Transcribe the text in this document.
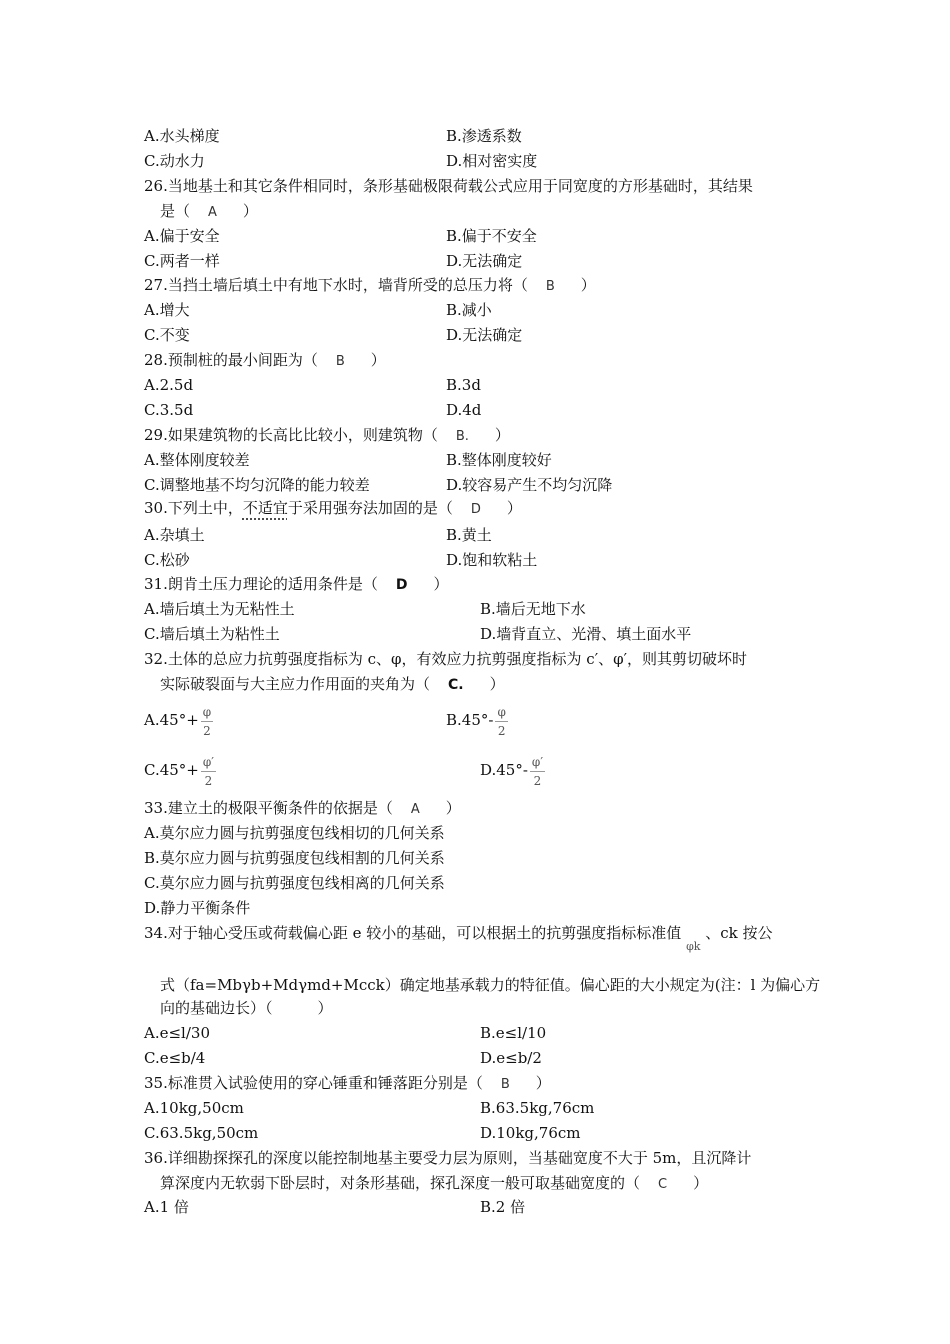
A.水头梯度	B.渗透系数
C.动水力	D.相对密实度
26.当地基土和其它条件相同时，条形基础极限荷载公式应用于同宽度的方形基础时，其结果
是（ A ）
A.偏于安全	B.偏于不安全
C.两者一样	D.无法确定
27.当挡土墙后填土中有地下水时，墙背所受的总压力将（ B ）
A.增大	B.减小
C.不变	D.无法确定
28.预制桩的最小间距为（ B ）
A.2.5d	B.3d
C.3.5d	D.4d
29.如果建筑物的长高比比较小，则建筑物（ B. ）
A.整体刚度较差	B.整体刚度较好
C.调整地基不均匀沉降的能力较差	D.较容易产生不均匀沉降
30.下列土中，不适宜于采用强夯法加固的是（ D ）
A.杂填土	B.黄土
C.松砂	D.饱和软粘土
31.朗肯土压力理论的适用条件是（ D ）
A.墙后填土为无粘性土	B.墙后无地下水
C.墙后填土为粘性土	D.墙背直立、光滑、填土面水平
32.土体的总应力抗剪强度指标为 c、φ，有效应力抗剪强度指标为 c′、φ′，则其剪切破坏时
实际破裂面与大主应力作用面的夹角为（ C. ）
$A.45^\circ+ \frac{\varphi}{2}$	$B.45^\circ- \frac{\varphi}{2}$
$C.45^\circ+ \frac{\varphi'}{2}$	$D.45^\circ- \frac{\varphi'}{2}$
33.建立土的极限平衡条件的依据是（ A ）
A.莫尔应力圆与抗剪强度包线相切的几何关系
B.莫尔应力圆与抗剪强度包线相割的几何关系
C.莫尔应力圆与抗剪强度包线相离的几何关系
D.静力平衡条件
34.对于轴心受压或荷载偏心距 e 较小的基础，可以根据土的抗剪强度指标标准值φk、ck 按公
式（fa=Mbγb+Mdγmd+Mcck）确定地基承载力的特征值。偏心距的大小规定为(注：l 为偏心方
向的基础边长）（　　　）
A.e≤l/30	B.e≤l/10
C.e≤b/4	D.e≤b/2
35.标准贯入试验使用的穿心锤重和锤落距分别是（ B ）
A.10kg,50cm	B.63.5kg,76cm
C.63.5kg,50cm	D.10kg,76cm
36.详细勘探探孔的深度以能控制地基主要受力层为原则，当基础宽度不大于 5m，且沉降计
算深度内无软弱下卧层时，对条形基础，探孔深度一般可取基础宽度的（ C ）
A.1 倍	B.2 倍
